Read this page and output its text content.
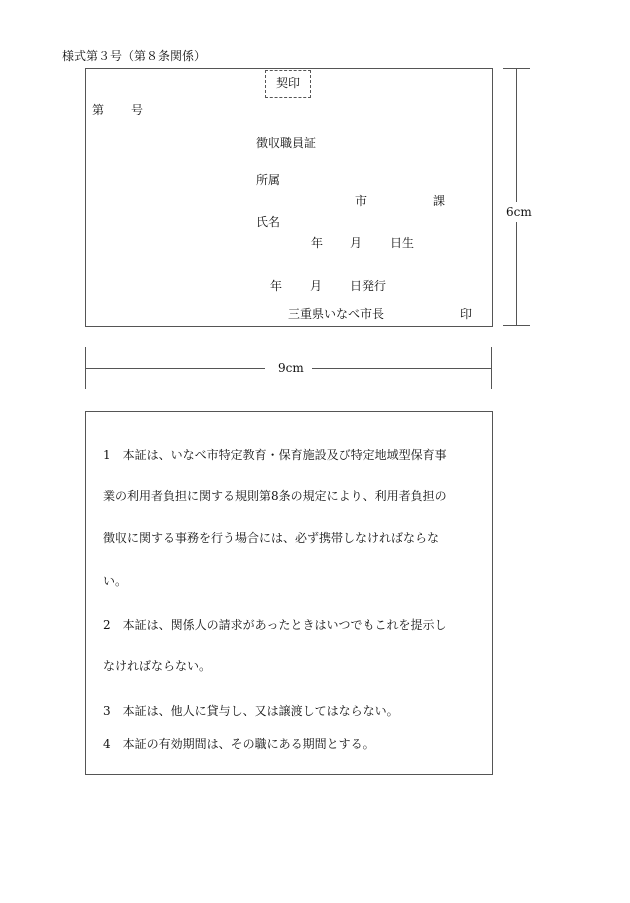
様式第３号（第８条関係）
契印
第 号
徴収職員証
所属
市	課
氏名
年 月 日生
年 月 日発行
三重県いなべ市長	印
6cm
9cm
1　本証は、いなべ市特定教育・保育施設及び特定地域型保育事
業の利用者負担に関する規則第8条の規定により、利用者負担の
徴収に関する事務を行う場合には、必ず携帯しなければならな
い。
2　本証は、関係人の請求があったときはいつでもこれを提示し
なければならない。
3　本証は、他人に貸与し、又は譲渡してはならない。
4　本証の有効期間は、その職にある期間とする。
